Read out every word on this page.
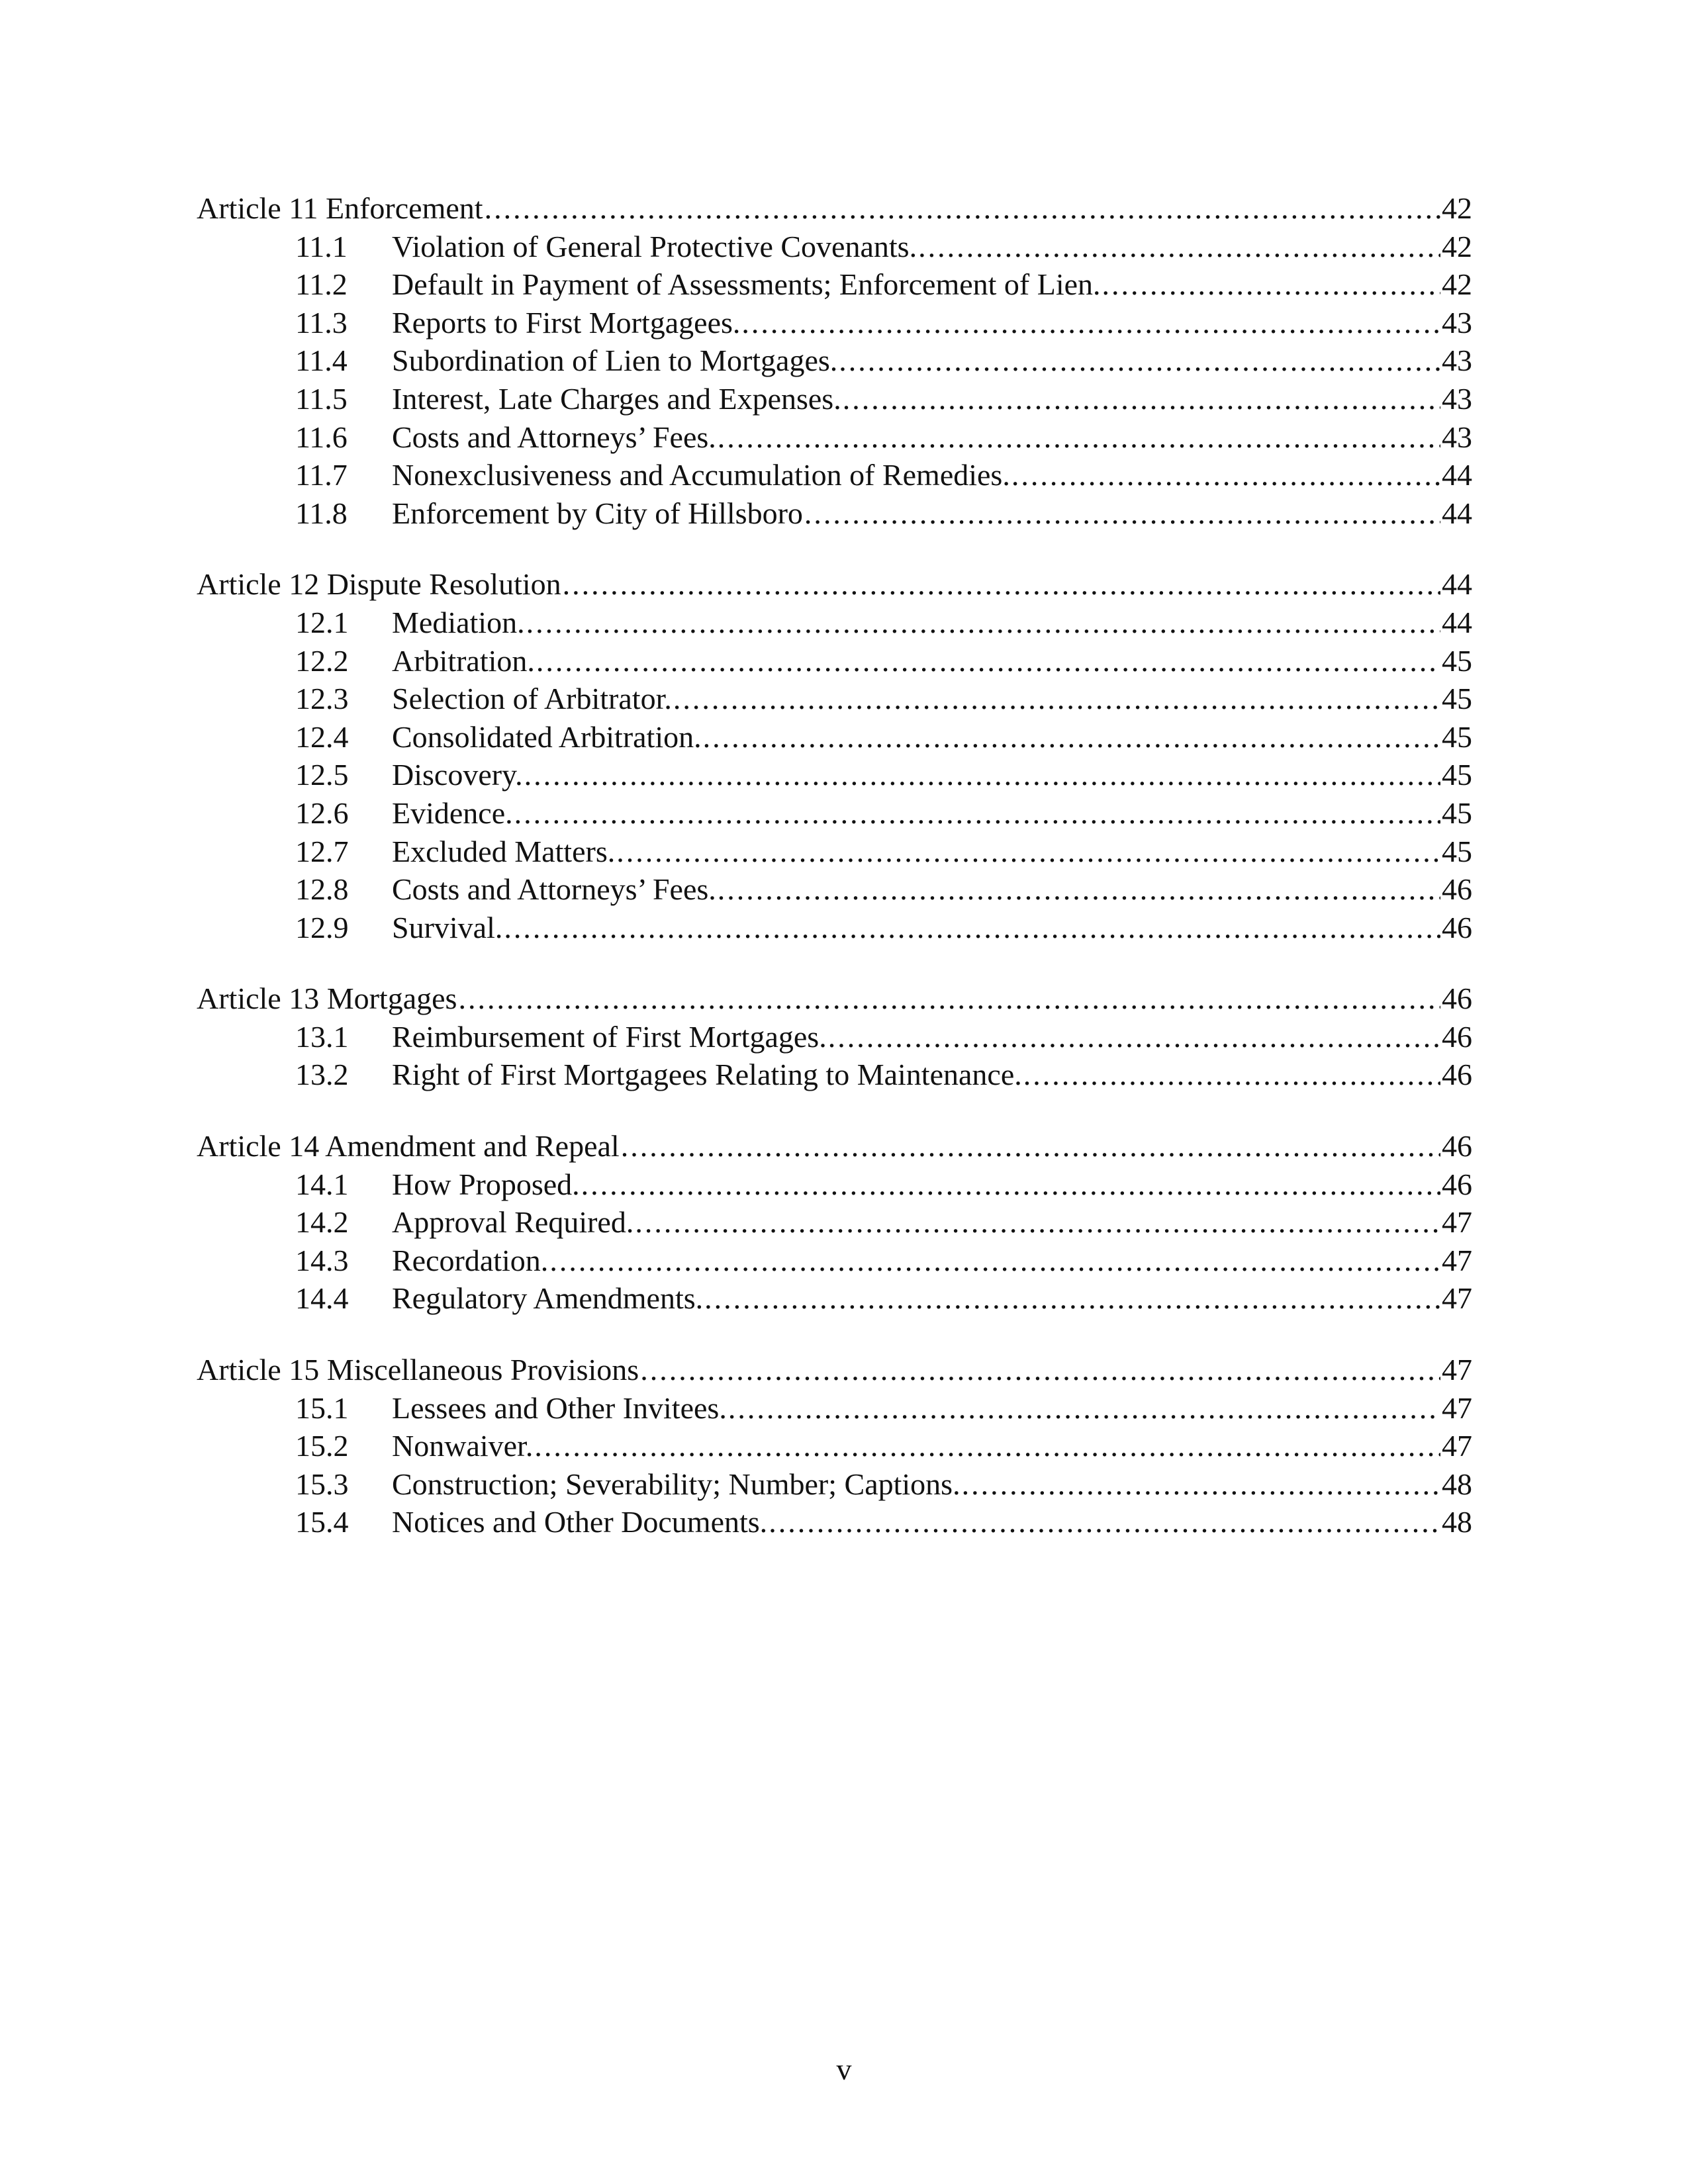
Article 11 Enforcement .....	42
11.1	Violation of General Protective Covenants. .....	42
11.2	Default in Payment of Assessments; Enforcement of Lien. .....	42
11.3	Reports to First Mortgagees. .....	43
11.4	Subordination of Lien to Mortgages. .....	43
11.5	Interest, Late Charges and Expenses. .....	43
11.6	Costs and Attorneys’ Fees. .....	43
11.7	Nonexclusiveness and Accumulation of Remedies. .....	44
11.8	Enforcement by City of Hillsboro .....	44
Article 12 Dispute Resolution .....	44
12.1	Mediation. .....	44
12.2	Arbitration. .....	45
12.3	Selection of Arbitrator. .....	45
12.4	Consolidated Arbitration. .....	45
12.5	Discovery. .....	45
12.6	Evidence. .....	45
12.7	Excluded Matters. .....	45
12.8	Costs and Attorneys’ Fees. .....	46
12.9	Survival. .....	46
Article 13 Mortgages .....	46
13.1	Reimbursement of First Mortgages. .....	46
13.2	Right of First Mortgagees Relating to Maintenance. .....	46
Article 14 Amendment and Repeal .....	46
14.1	How Proposed. .....	46
14.2	Approval Required. .....	47
14.3	Recordation. .....	47
14.4	Regulatory Amendments. .....	47
Article 15 Miscellaneous Provisions .....	47
15.1	Lessees and Other Invitees. .....	47
15.2	Nonwaiver. .....	47
15.3	Construction; Severability; Number; Captions. .....	48
15.4	Notices and Other Documents. .....	48
v
